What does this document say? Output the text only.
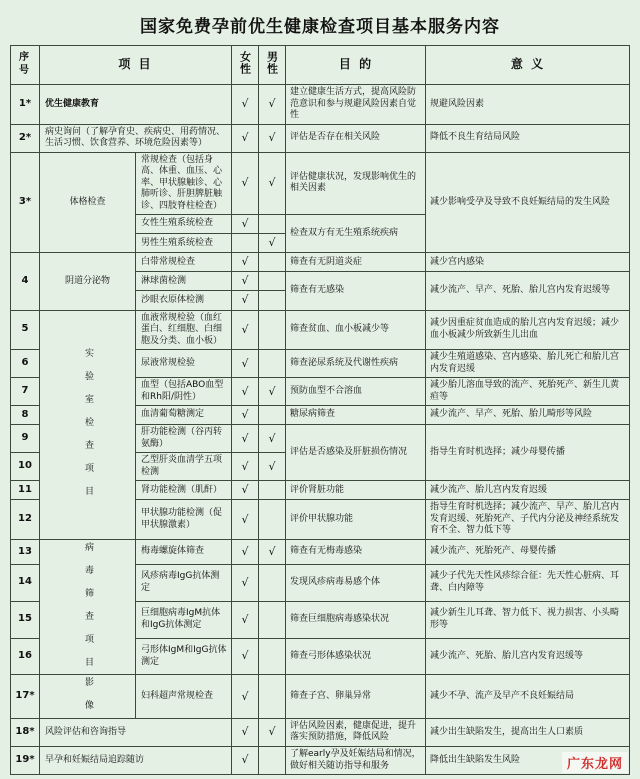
国家免费孕前优生健康检查项目基本服务内容
序号	项 目		女性	男性	目 的	意 义
1*	优生健康教育		√	√	建立健康生活方式，提高风险防范意识和参与规避风险因素自觉性	规避风险因素
2*	病史询问（了解孕育史、疾病史、用药情况、生活习惯、饮食营养、环境危险因素等）		√	√	评估是否存在相关风险	降低不良生育结局风险
3*	体格检查	常规检查（包括身高、体重、血压、心率、甲状腺触诊、心肺听诊、肝胆脾脏触诊、四肢脊柱检查）	√	√	评估健康状况，发现影响优生的相关因素	减少影响受孕及导致不良妊娠结局的发生风险
		女性生殖系统检查	√		检查双方有无生殖系统疾病	
		男性生殖系统检查		√		
4	阴道分泌物	白带常规检查	√		筛查有无阴道炎症	减少宫内感染
		淋球菌检测	√		筛查有无感染	减少流产、早产、死胎、胎儿宫内发育迟缓等
		沙眼衣原体检测	√			
5	实 验 室 检 查 项 目	血液常规检验（血红蛋白、红细胞、白细胞及分类、血小板）	√		筛查贫血、血小板减少等	减少因重症贫血造成的胎儿宫内发育迟缓；减少血小板减少所致新生儿出血
6		尿液常规检验	√		筛查泌尿系统及代谢性疾病	减少生殖道感染、宫内感染、胎儿死亡和胎儿宫内发育迟缓
7		血型（包括ABO血型和Rh阳/阴性）	√	√	预防血型不合溶血	减少胎儿溶血导致的流产、死胎死产、新生儿黄疸等
8		血清葡萄糖测定	√		糖尿病筛查	减少流产、早产、死胎、胎儿畸形等风险
9		肝功能检测（谷丙转氨酶）	√	√	评估是否感染及肝脏损伤情况	指导生育时机选择；减少母婴传播
10		乙型肝炎血清学五项检测	√	√		
11		肾功能检测（肌酐）	√		评价肾脏功能	减少流产、胎儿宫内发育迟缓
12		甲状腺功能检测（促甲状腺激素）	√		评价甲状腺功能	指导生育时机选择；减少流产、早产、胎儿宫内发育迟缓、死胎死产、子代内分泌及神经系统发育不全、智力低下等
13	病 毒 筛 查 项 目	梅毒螺旋体筛查	√	√	筛查有无梅毒感染	减少流产、死胎死产、母婴传播
14		风疹病毒IgG抗体测定	√		发现风疹病毒易感个体	减少子代先天性风疹综合征：先天性心脏病、耳聋、白内障等
15		巨细胞病毒IgM抗体和IgG抗体测定	√		筛查巨细胞病毒感染状况	减少新生儿耳聋、智力低下、视力损害、小头畸形等
16		弓形体IgM和IgG抗体测定	√		筛查弓形体感染状况	减少流产、死胎、胎儿宫内发育迟缓等
17*	影 像	妇科超声常规检查	√		筛查子宫、卵巢异常	减少不孕、流产及早产不良妊娠结局
18*	风险评估和咨询指导		√	√	评估风险因素，健康促进，提升落实预防措施，降低风险	减少出生缺陷发生，提高出生人口素质
19*	早孕和妊娠结局追踪随访		√		了解early孕及妊娠结局和情况，做好相关随访指导和服务	降低出生缺陷发生风险	广东龙网
